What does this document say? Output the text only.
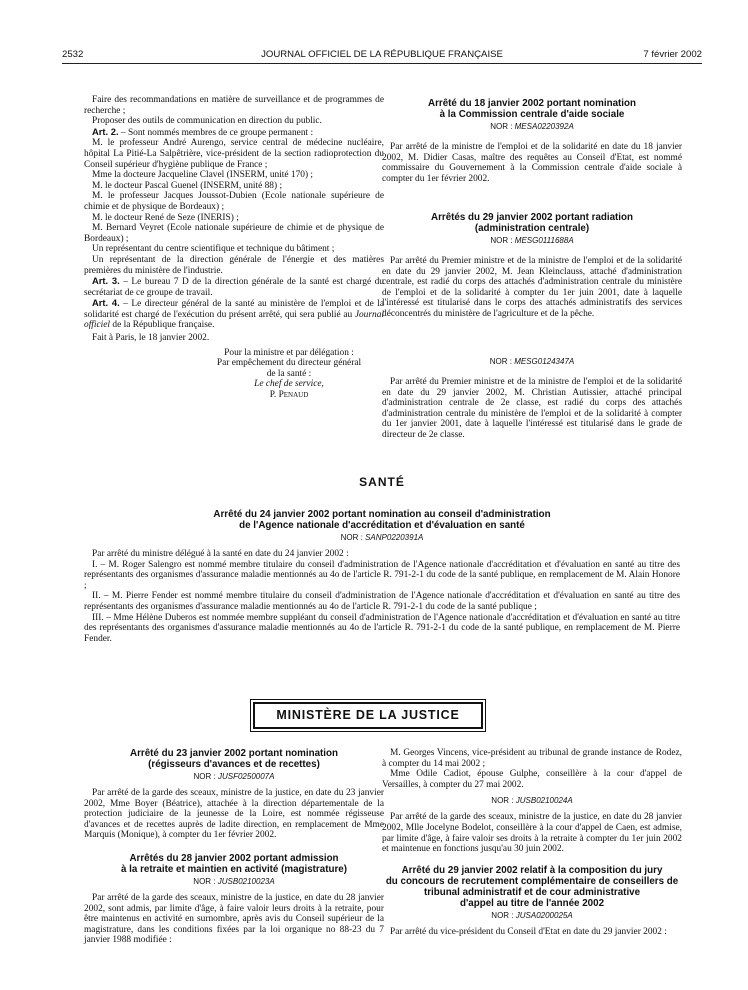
2532	JOURNAL OFFICIEL DE LA RÉPUBLIQUE FRANÇAISE	7 février 2002

Faire des recommandations en matière de surveillance et de programmes de recherche ;

Proposer des outils de communication en direction du public.

Art. 2. – Sont nommés membres de ce groupe permanent :

M. le professeur André Aurengo, service central de médecine nucléaire, hôpital La Pitié-La Salpêtrière, vice-président de la section radioprotection du Conseil supérieur d'hygiène publique de France ;

Mme la docteure Jacqueline Clavel (INSERM, unité 170) ;

M. le docteur Pascal Guenel (INSERM, unité 88) ;

M. le professeur Jacques Joussot-Dubien (Ecole nationale supérieure de chimie et de physique de Bordeaux) ;

M. le docteur René de Seze (INERIS) ;

M. Bernard Veyret (Ecole nationale supérieure de chimie et de physique de Bordeaux) ;

Un représentant du centre scientifique et technique du bâtiment ;

Un représentant de la direction générale de l'énergie et des matières premières du ministère de l'industrie.

Art. 3. – Le bureau 7 D de la direction générale de la santé est chargé du secrétariat de ce groupe de travail.

Art. 4. – Le directeur général de la santé au ministère de l'emploi et de la solidarité est chargé de l'exécution du présent arrêté, qui sera publié au Journal officiel de la République française.

Fait à Paris, le 18 janvier 2002.

Pour la ministre et par délégation :

Par empêchement du directeur général

de la santé :

Le chef de service,

P. Penaud

Arrêté du 18 janvier 2002 portant nomination

à la Commission centrale d'aide sociale

NOR : MESA0220392A

Par arrêté de la ministre de l'emploi et de la solidarité en date du 18 janvier 2002, M. Didier Casas, maître des requêtes au Conseil d'Etat, est nommé commissaire du Gouvernement à la Commission centrale d'aide sociale à compter du 1er février 2002.

Arrêtés du 29 janvier 2002 portant radiation

(administration centrale)

NOR : MESG0111688A

Par arrêté du Premier ministre et de la ministre de l'emploi et de la solidarité en date du 29 janvier 2002, M. Jean Kleinclauss, attaché d'administration centrale, est radié du corps des attachés d'administration centrale du ministère de l'emploi et de la solidarité à compter du 1er juin 2001, date à laquelle l'intéressé est titularisé dans le corps des attachés administratifs des services déconcentrés du ministère de l'agriculture et de la pêche.

NOR : MESG0124347A

Par arrêté du Premier ministre et de la ministre de l'emploi et de la solidarité en date du 29 janvier 2002, M. Christian Autissier, attaché principal d'administration centrale de 2e classe, est radié du corps des attachés d'administration centrale du ministère de l'emploi et de la solidarité à compter du 1er janvier 2001, date à laquelle l'intéressé est titularisé dans le grade de directeur de 2e classe.

SANTÉ

Arrêté du 24 janvier 2002 portant nomination au conseil d'administration

de l'Agence nationale d'accréditation et d'évaluation en santé

NOR : SANP0220391A

Par arrêté du ministre délégué à la santé en date du 24 janvier 2002 :

I. – M. Roger Salengro est nommé membre titulaire du conseil d'administration de l'Agence nationale d'accréditation et d'évaluation en santé au titre des représentants des organismes d'assurance maladie mentionnés au 4o de l'article R. 791-2-1 du code de la santé publique, en remplacement de M. Alain Honore ;

II. – M. Pierre Fender est nommé membre titulaire du conseil d'administration de l'Agence nationale d'accréditation et d'évaluation en santé au titre des représentants des organismes d'assurance maladie mentionnés au 4o de l'article R. 791-2-1 du code de la santé publique ;

III. – Mme Hélène Duberos est nommée membre suppléant du conseil d'administration de l'Agence nationale d'accréditation et d'évaluation en santé au titre des représentants des organismes d'assurance maladie mentionnés au 4o de l'article R. 791-2-1 du code de la santé publique, en remplacement de M. Pierre Fender.

MINISTÈRE DE LA JUSTICE

Arrêté du 23 janvier 2002 portant nomination

(régisseurs d'avances et de recettes)

NOR : JUSF0250007A

Par arrêté de la garde des sceaux, ministre de la justice, en date du 23 janvier 2002, Mme Boyer (Béatrice), attachée à la direction départementale de la protection judiciaire de la jeunesse de la Loire, est nommée régisseuse d'avances et de recettes auprès de ladite direction, en remplacement de Mme Marquis (Monique), à compter du 1er février 2002.

Arrêtés du 28 janvier 2002 portant admission

à la retraite et maintien en activité (magistrature)

NOR : JUSB0210023A

Par arrêté de la garde des sceaux, ministre de la justice, en date du 28 janvier 2002, sont admis, par limite d'âge, à faire valoir leurs droits à la retraite, pour être maintenus en activité en surnombre, après avis du Conseil supérieur de la magistrature, dans les conditions fixées par la loi organique no 88-23 du 7 janvier 1988 modifiée :

M. Georges Vincens, vice-président au tribunal de grande instance de Rodez, à compter du 14 mai 2002 ;

Mme Odile Cadiot, épouse Gulphe, conseillère à la cour d'appel de Versailles, à compter du 27 mai 2002.

NOR : JUSB0210024A

Par arrêté de la garde des sceaux, ministre de la justice, en date du 28 janvier 2002, Mlle Jocelyne Bodelot, conseillère à la cour d'appel de Caen, est admise, par limite d'âge, à faire valoir ses droits à la retraite à compter du 1er juin 2002 et maintenue en fonctions jusqu'au 30 juin 2002.

Arrêté du 29 janvier 2002 relatif à la composition du jury

du concours de recrutement complémentaire de conseillers de tribunal administratif et de cour administrative

d'appel au titre de l'année 2002

NOR : JUSA0200025A

Par arrêté du vice-président du Conseil d'Etat en date du 29 janvier 2002 :
